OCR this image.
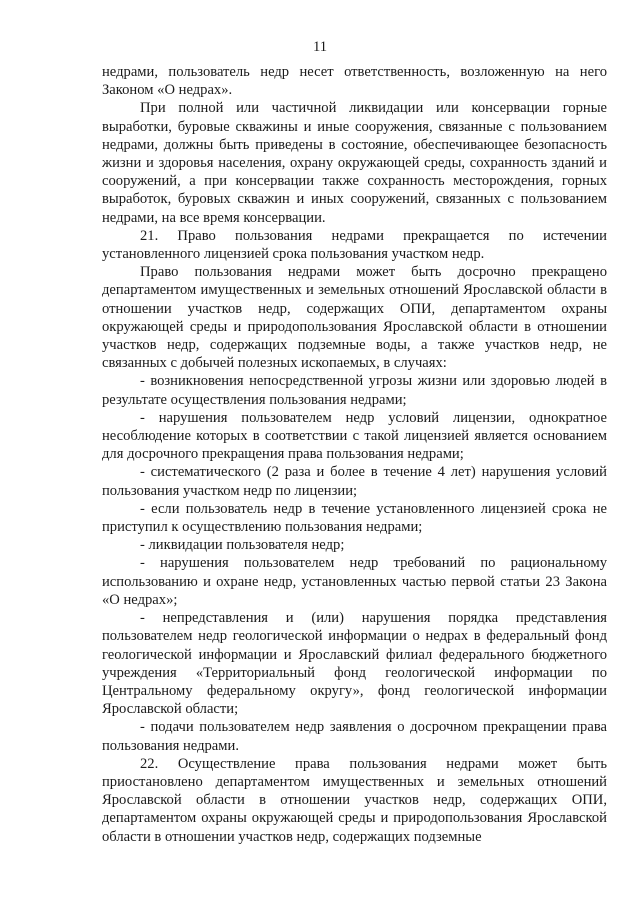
11

недрами, пользователь недр несет ответственность, возложенную на него Законом «О недрах».

При полной или частичной ликвидации или консервации горные выработки, буровые скважины и иные сооружения, связанные с пользованием недрами, должны быть приведены в состояние, обеспечивающее безопасность жизни и здоровья населения, охрану окружающей среды, сохранность зданий и сооружений, а при консервации также сохранность месторождения, горных выработок, буровых скважин и иных сооружений, связанных с пользованием недрами, на все время консервации.

21. Право пользования недрами прекращается по истечении установленного лицензией срока пользования участком недр.

Право пользования недрами может быть досрочно прекращено департаментом имущественных и земельных отношений Ярославской области в отношении участков недр, содержащих ОПИ, департаментом охраны окружающей среды и природопользования Ярославской области в отношении участков недр, содержащих подземные воды, а также участков недр, не связанных с добычей полезных ископаемых, в случаях:

- возникновения непосредственной угрозы жизни или здоровью людей в результате осуществления пользования недрами;

- нарушения пользователем недр условий лицензии, однократное несоблюдение которых в соответствии с такой лицензией является основанием для досрочного прекращения права пользования недрами;

- систематического (2 раза и более в течение 4 лет) нарушения условий пользования участком недр по лицензии;

- если пользователь недр в течение установленного лицензией срока не приступил к осуществлению пользования недрами;

- ликвидации пользователя недр;

- нарушения пользователем недр требований по рациональному использованию и охране недр, установленных частью первой статьи 23 Закона «О недрах»;

- непредставления и (или) нарушения порядка представления пользователем недр геологической информации о недрах в федеральный фонд геологической информации и Ярославский филиал федерального бюджетного учреждения «Территориальный фонд геологической информации по Центральному федеральному округу», фонд геологической информации Ярославской области;

- подачи пользователем недр заявления о досрочном прекращении права пользования недрами.

22. Осуществление права пользования недрами может быть приостановлено департаментом имущественных и земельных отношений Ярославской области в отношении участков недр, содержащих ОПИ, департаментом охраны окружающей среды и природопользования Ярославской области в отношении участков недр, содержащих подземные
